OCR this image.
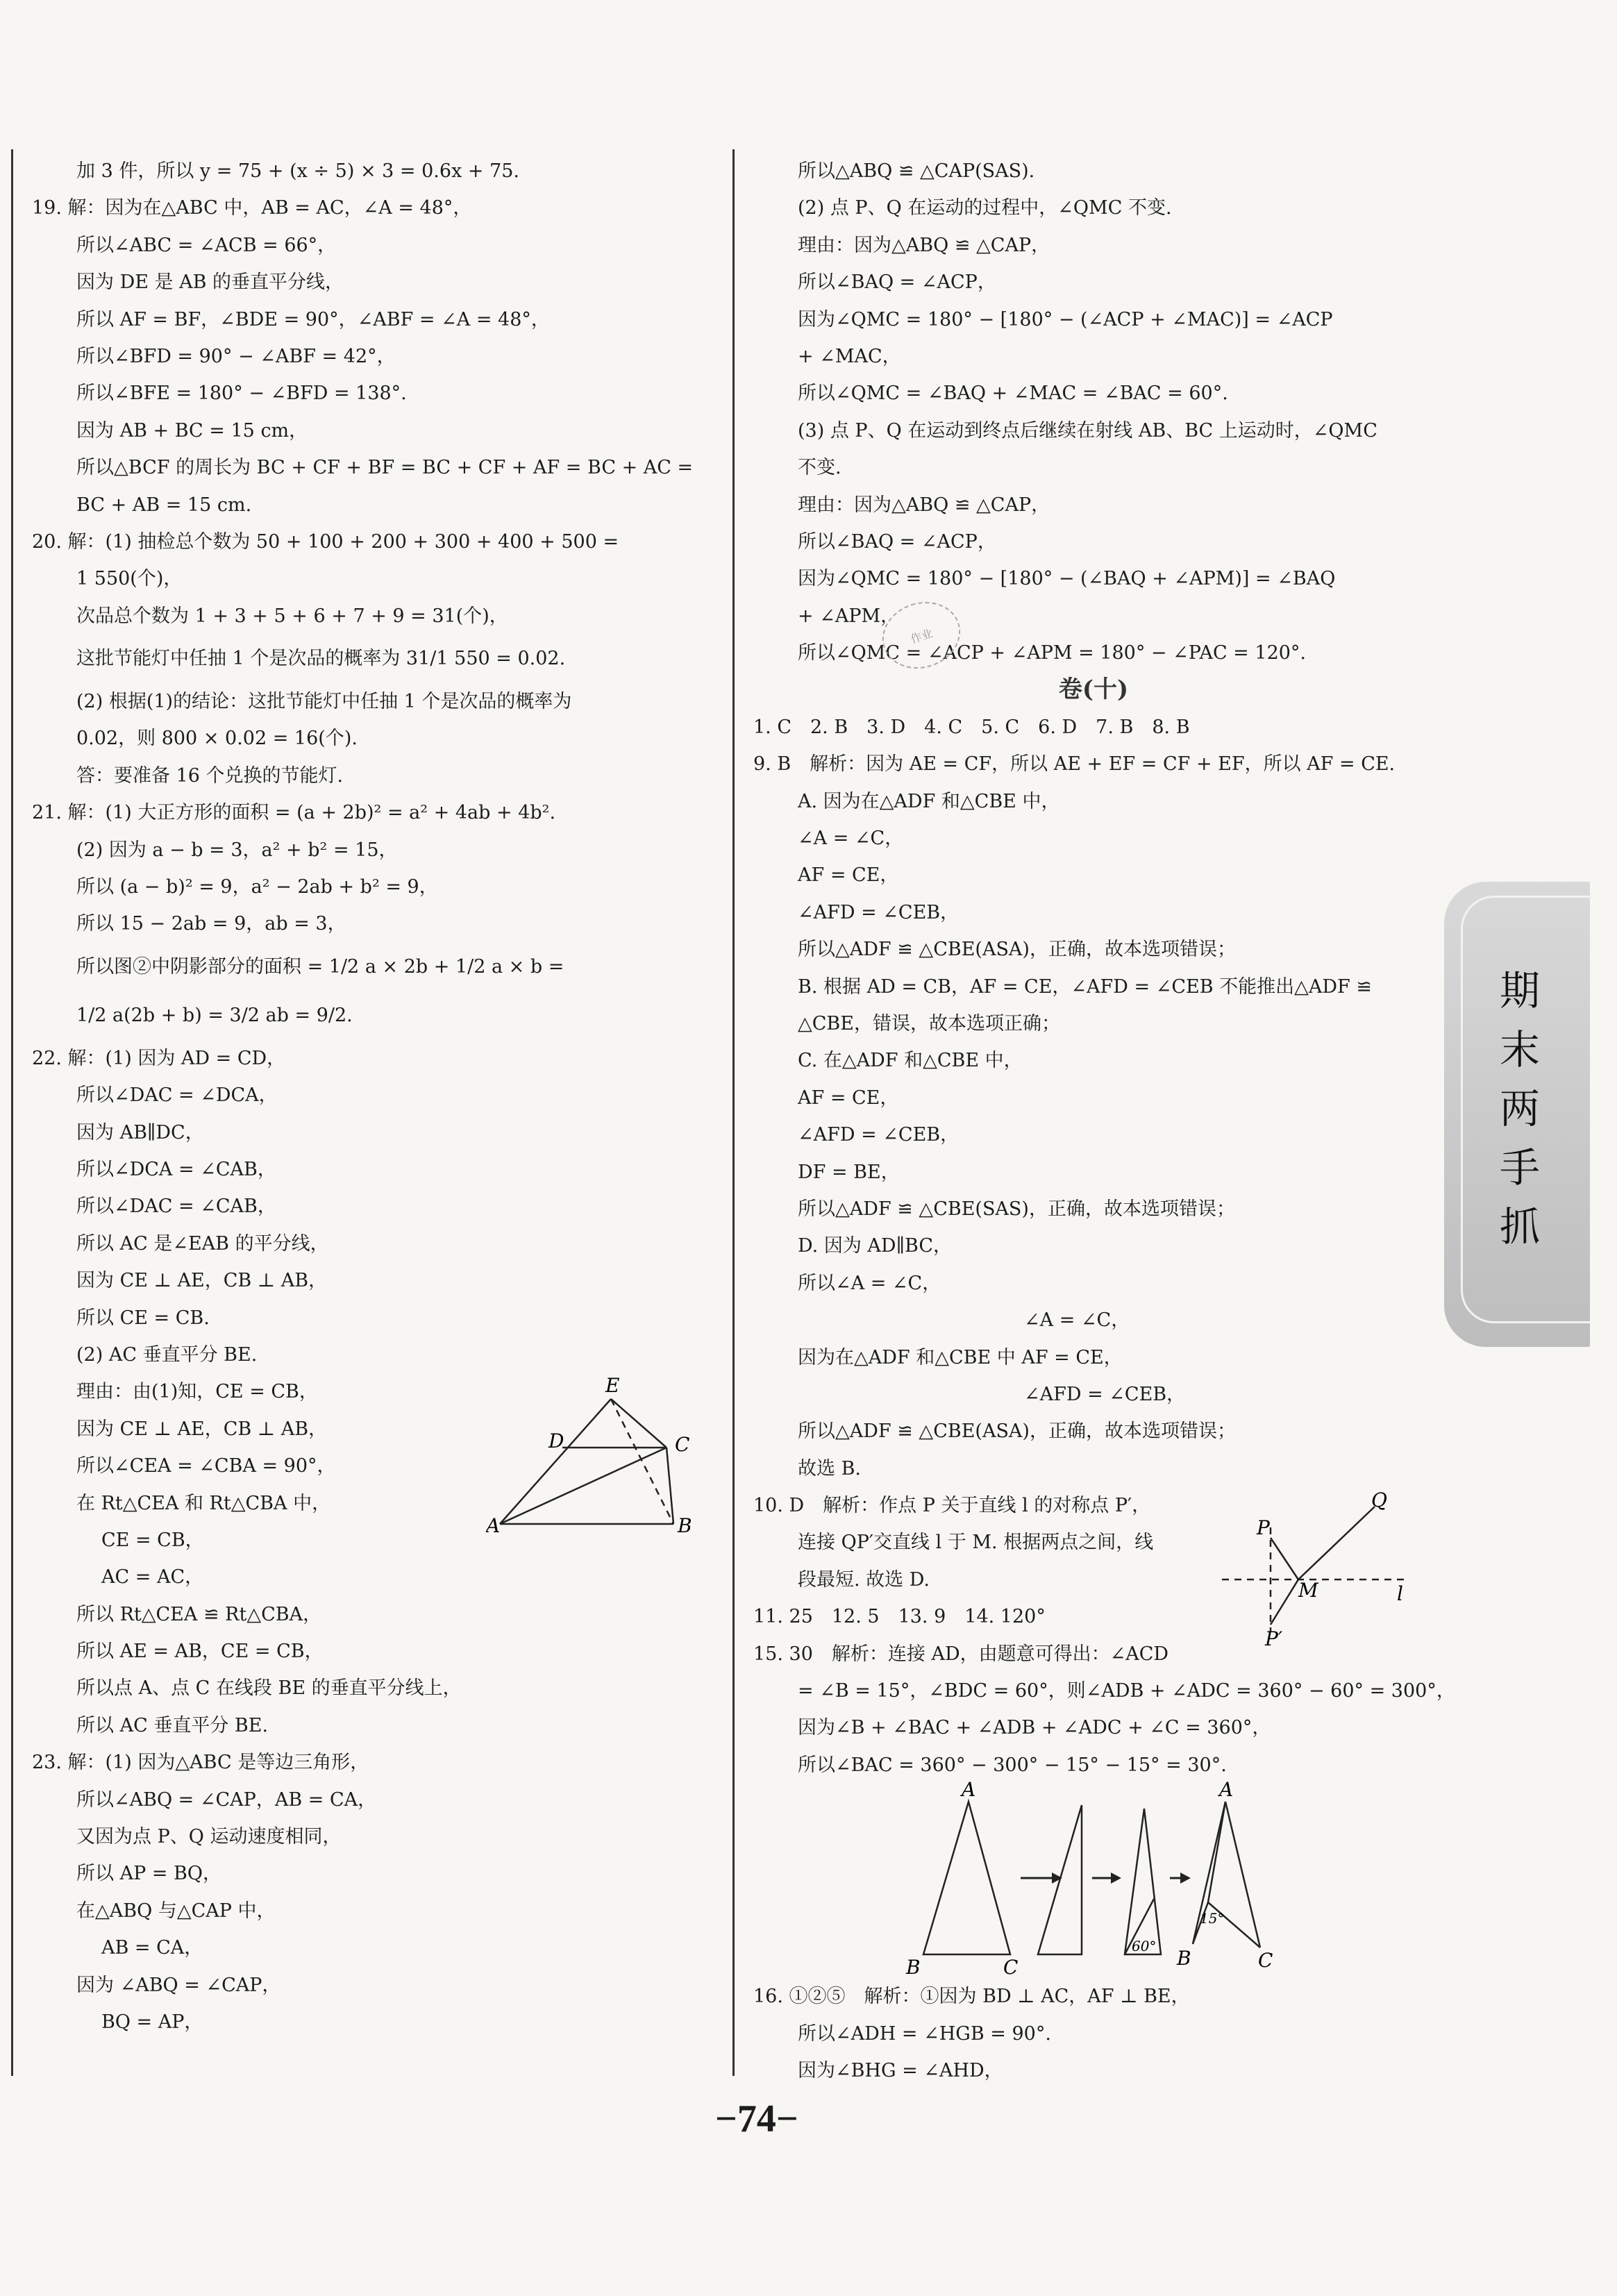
加 3 件，所以 y = 75 + (x ÷ 5) × 3 = 0.6x + 75.
19. 解：因为在△ABC 中，AB = AC，∠A = 48°，
所以∠ABC = ∠ACB = 66°，
因为 DE 是 AB 的垂直平分线，
所以 AF = BF，∠BDE = 90°，∠ABF = ∠A = 48°，
所以∠BFD = 90° − ∠ABF = 42°，
所以∠BFE = 180° − ∠BFD = 138°.
因为 AB + BC = 15 cm，
所以△BCF 的周长为 BC + CF + BF = BC + CF + AF = BC + AC =
BC + AB = 15 cm.
20. 解：(1) 抽检总个数为 50 + 100 + 200 + 300 + 400 + 500 =
1 550(个)，
次品总个数为 1 + 3 + 5 + 6 + 7 + 9 = 31(个)，
这批节能灯中任抽 1 个是次品的概率为 31/1 550 = 0.02.
(2) 根据(1)的结论：这批节能灯中任抽 1 个是次品的概率为
0.02，则 800 × 0.02 = 16(个).
答：要准备 16 个兑换的节能灯.
21. 解：(1) 大正方形的面积 = (a + 2b)² = a² + 4ab + 4b².
(2) 因为 a − b = 3，a² + b² = 15，
所以 (a − b)² = 9，a² − 2ab + b² = 9，
所以 15 − 2ab = 9，ab = 3，
所以图②中阴影部分的面积 = 1/2 a × 2b + 1/2 a × b =
1/2 a(2b + b) = 3/2 ab = 9/2.
22. 解：(1) 因为 AD = CD，
所以∠DAC = ∠DCA，
因为 AB∥DC，
所以∠DCA = ∠CAB，
所以∠DAC = ∠CAB，
所以 AC 是∠EAB 的平分线，
因为 CE ⊥ AE，CB ⊥ AB，
所以 CE = CB.
(2) AC 垂直平分 BE.
理由：由(1)知，CE = CB，
因为 CE ⊥ AE，CB ⊥ AB，
所以∠CEA = ∠CBA = 90°，
在 Rt△CEA 和 Rt△CBA 中，
CE = CB，
AC = AC，
所以 Rt△CEA ≌ Rt△CBA，
所以 AE = AB，CE = CB，
所以点 A、点 C 在线段 BE 的垂直平分线上，
所以 AC 垂直平分 BE.
23. 解：(1) 因为△ABC 是等边三角形，
所以∠ABQ = ∠CAP，AB = CA，
又因为点 P、Q 运动速度相同，
所以 AP = BQ，
在△ABQ 与△CAP 中，
AB = CA，
因为 ∠ABQ = ∠CAP，
BQ = AP，
所以△ABQ ≌ △CAP(SAS).
(2) 点 P、Q 在运动的过程中，∠QMC 不变.
理由：因为△ABQ ≌ △CAP，
所以∠BAQ = ∠ACP，
因为∠QMC = 180° − [180° − (∠ACP + ∠MAC)] = ∠ACP
+ ∠MAC，
所以∠QMC = ∠BAQ + ∠MAC = ∠BAC = 60°.
(3) 点 P、Q 在运动到终点后继续在射线 AB、BC 上运动时，∠QMC
不变.
理由：因为△ABQ ≌ △CAP，
所以∠BAQ = ∠ACP，
因为∠QMC = 180° − [180° − (∠BAQ + ∠APM)] = ∠BAQ
+ ∠APM，
所以∠QMC = ∠ACP + ∠APM = 180° − ∠PAC = 120°.
卷(十)
1. C　2. B　3. D　4. C　5. C　6. D　7. B　8. B
9. B　解析：因为 AE = CF，所以 AE + EF = CF + EF，所以 AF = CE.
A. 因为在△ADF 和△CBE 中，
∠A = ∠C，
AF = CE，
∠AFD = ∠CEB，
所以△ADF ≌ △CBE(ASA)，正确，故本选项错误；
B. 根据 AD = CB，AF = CE，∠AFD = ∠CEB 不能推出△ADF ≌
△CBE，错误，故本选项正确；
C. 在△ADF 和△CBE 中，
AF = CE，
∠AFD = ∠CEB，
DF = BE，
所以△ADF ≌ △CBE(SAS)，正确，故本选项错误；
D. 因为 AD∥BC，
所以∠A = ∠C，
∠A = ∠C，
因为在△ADF 和△CBE 中 AF = CE，
∠AFD = ∠CEB，
所以△ADF ≌ △CBE(ASA)，正确，故本选项错误；
故选 B.
10. D　解析：作点 P 关于直线 l 的对称点 P′，
连接 QP′交直线 l 于 M. 根据两点之间，线
段最短. 故选 D.
11. 25　12. 5　13. 9　14. 120°
15. 30　解析：连接 AD，由题意可得出：∠ACD
= ∠B = 15°，∠BDC = 60°，则∠ADB + ∠ADC = 360° − 60° = 300°，
因为∠B + ∠BAC + ∠ADB + ∠ADC + ∠C = 360°，
所以∠BAC = 360° − 300° − 15° − 15° = 30°.
16. ①②⑤　解析：①因为 BD ⊥ AC，AF ⊥ BE，
所以∠ADH = ∠HGB = 90°.
因为∠BHG = ∠AHD，
作业
E
D	C
A	B	P
Q
M	l
P′
A
B	C
60°
15°
A
B	C
期
末
两
手
抓
−74−
